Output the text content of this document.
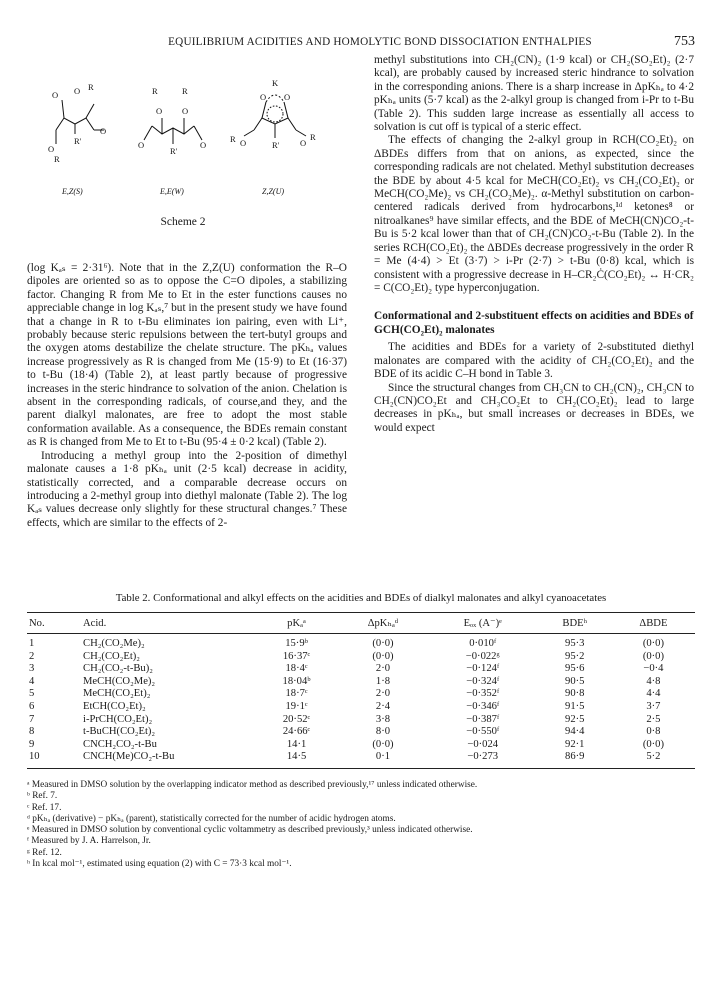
EQUILIBRIUM ACIDITIES AND HOMOLYTIC BOND DISSOCIATION ENTHALPIES	753
O O R
O
O
R
R'
R	R
O O
O	O
R'
K
O O
R O	O
R
R'
E,Z(S)	E,E(W)	Z,Z(U)
Scheme 2

(log Kₐₛ = 2·31⁶). Note that in the Z,Z(U) conformation the R–O dipoles are oriented so as to oppose the C=O dipoles, a stabilizing factor. Changing R from Me to Et in the ester functions causes no appreciable change in log Kₐₛ,⁷ but in the present study we have found that a change in R to t-Bu eliminates ion pairing, even with Li⁺, probably because steric repulsions between the tert-butyl groups and the oxygen atoms destabilize the chelate structure. The pKₕₐ values increase progressively as R is changed from Me (15·9) to Et (16·37) to t-Bu (18·4) (Table 2), at least partly because of progressive increases in the steric hindrance to solvation of the anion. Chelation is absent in the corresponding radicals, of course,and they, and the parent dialkyl malonates, are free to adopt the most stable conformation available. As a consequence, the BDEs remain constant as R is changed from Me to Et to t-Bu (95·4 ± 0·2 kcal) (Table 2).

Introducing a methyl group into the 2-position of dimethyl malonate causes a 1·8 pKₕₐ unit (2·5 kcal) decrease in acidity, statistically corrected, and a comparable decrease occurs on introducing a 2-methyl group into diethyl malonate (Table 2). The log Kₐₛ values decrease only slightly for these structural changes.⁷ These effects, which are similar to the effects of 2-

methyl substitutions into CH₂(CN)₂ (1·9 kcal) or CH₂(SO₂Et)₂ (2·7 kcal), are probably caused by increased steric hindrance to solvation in the corresponding anions. There is a sharp increase in ΔpKₕₐ to 4·2 pKₕₐ units (5·7 kcal) as the 2-alkyl group is changed from i-Pr to t-Bu (Table 2). This sudden large increase as essentially all access to solvation is cut off is typical of a steric effect.

The effects of changing the 2-alkyl group in RCH(CO₂Et)₂ on ΔBDEs differs from that on anions, as expected, since the corresponding radicals are not chelated. Methyl substitution decreases the BDE by about 4·5 kcal for MeCH(CO₂Et)₂ vs CH₂(CO₂Et)₂ or MeCH(CO₂Me)₂ vs CH₂(CO₂Me)₂. α-Methyl substitution on carbon-centered radicals derived from hydrocarbons,¹ᵈ ketones⁸ or nitroalkanes⁹ have similar effects, and the BDE of MeCH(CN)CO₂-t-Bu is 5·2 kcal lower than that of CH₂(CN)CO₂-t-Bu (Table 2). In the series RCH(CO₂Et)₂ the ΔBDEs decrease progressively in the order R = Me (4·4) > Et (3·7) > i-Pr (2·7) > t-Bu (0·8) kcal, which is consistent with a progressive decrease in H–CR₂Ċ(CO₂Et)₂ ↔ H·CR₂ = C(CO₂Et)₂ type hyperconjugation.

Conformational and 2-substituent effects on acidities and BDEs of GCH(CO₂Et)₂ malonates

The acidities and BDEs for a variety of 2-substituted diethyl malonates are compared with the acidity of CH₂(CO₂Et)₂ and the BDE of its acidic C–H bond in Table 3.

Since the structural changes from CH₃CN to CH₂(CN)₂, CH₃CN to CH₂(CN)CO₂Et and CH₃CO₂Et to CH₂(CO₂Et)₂ lead to large decreases in pKₕₐ, but small increases or decreases in BDEs, we would expect

Table 2. Conformational and alkyl effects on the acidities and BDEs of dialkyl malonates and alkyl cyanoacetates
No.	Acid.	pKₐᵃ	ΔpKₕₐᵈ	Eₒₓ (A⁻)ᵉ	BDEʰ	ΔBDE
1	CH₂(CO₂Me)₂	15·9ᵇ	(0·0)	0·010ᶠ	95·3	(0·0)
2	CH₂(CO₂Et)₂	16·37ᶜ	(0·0)	−0·022ᵍ	95·2	(0·0)
3	CH₂(CO₂-t-Bu)₂	18·4ᶜ	2·0	−0·124ᶠ	95·6	−0·4
4	MeCH(CO₂Me)₂	18·04ᵇ	1·8	−0·324ᶠ	90·5	4·8
5	MeCH(CO₂Et)₂	18·7ᶜ	2·0	−0·352ᶠ	90·8	4·4
6	EtCH(CO₂Et)₂	19·1ᶜ	2·4	−0·346ᶠ	91·5	3·7
7	i-PrCH(CO₂Et)₂	20·52ᶜ	3·8	−0·387ᶠ	92·5	2·5
8	t-BuCH(CO₂Et)₂	24·66ᶜ	8·0	−0·550ᶠ	94·4	0·8
9	CNCH₂CO₂-t-Bu	14·1	(0·0)	−0·024	92·1	(0·0)
10	CNCH(Me)CO₂-t-Bu	14·5	0·1	−0·273	86·9	5·2
ᵃ Measured in DMSO solution by the overlapping indicator method as described previously,¹⁷ unless indicated otherwise.
ᵇ Ref. 7.
ᶜ Ref. 17.
ᵈ pKₕₐ (derivative) − pKₕₐ (parent), statistically corrected for the number of acidic hydrogen atoms.
ᵉ Measured in DMSO solution by conventional cyclic voltammetry as described previously,³ unless indicated otherwise.
ᶠ Measured by J. A. Harrelson, Jr.
ᵍ Ref. 12.
ʰ In kcal mol⁻¹, estimated using equation (2) with C = 73·3 kcal mol⁻¹.
